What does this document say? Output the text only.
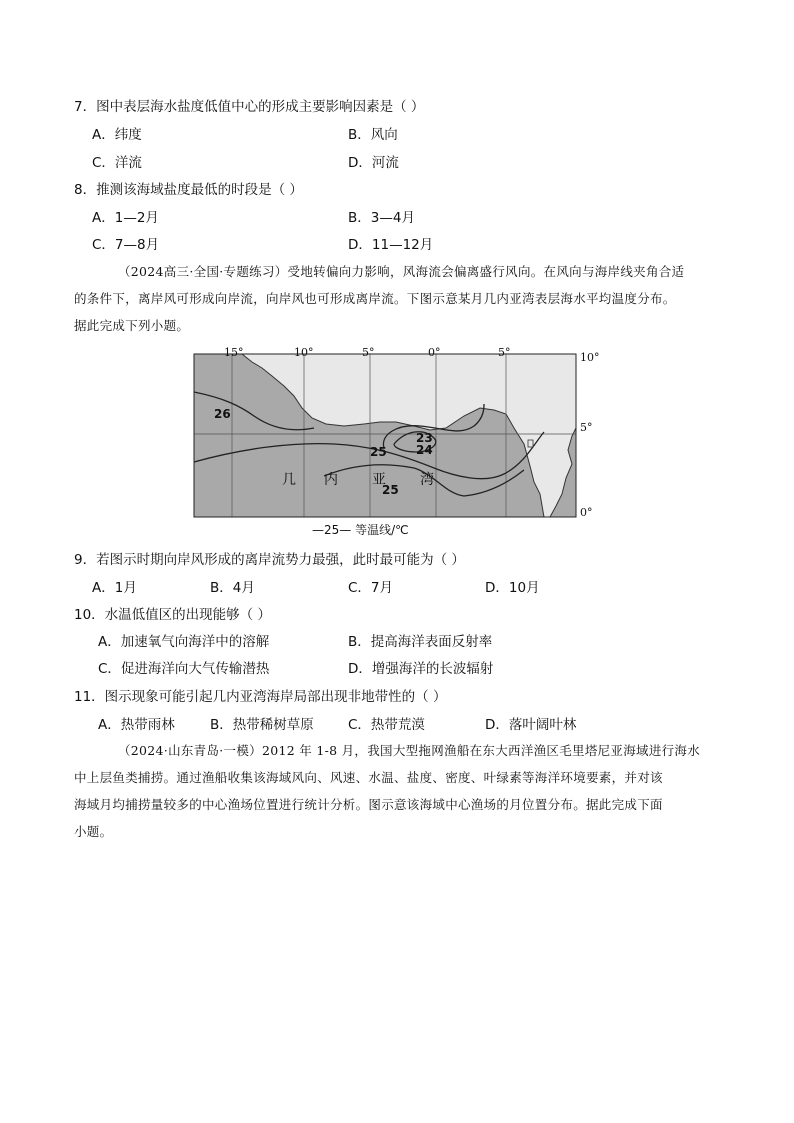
7．图中表层海水盐度低值中心的形成主要影响因素是（ ）
A．纬度	B．风向
C．洋流	D．河流
8．推测该海域盐度最低的时段是（ ）
A．1—2月	B．3—4月
C．7—8月	D．11—12月
（2024高三·全国·专题练习）受地转偏向力影响，风海流会偏离盛行风向。在风向与海岸线夹角合适
的条件下，离岸风可形成向岸流，向岸风也可形成离岸流。下图示意某月几内亚湾表层海水平均温度分布。
据此完成下列小题。
15°	10°	5°	0°	5°	10°
5°
0°
26
25
25
23
24
几 内 亚 湾
—25— 等温线/℃
9．若图示时期向岸风形成的离岸流势力最强，此时最可能为（ ）
A．1月	B．4月	C．7月	D．10月
10．水温低值区的出现能够（ ）
A．加速氧气向海洋中的溶解	B．提高海洋表面反射率
C．促进海洋向大气传输潜热	D．增强海洋的长波辐射
11．图示现象可能引起几内亚湾海岸局部出现非地带性的（ ）
A．热带雨林	B．热带稀树草原	C．热带荒漠	D．落叶阔叶林
（2024·山东青岛·一模）2012 年 1-8 月，我国大型拖网渔船在东大西洋渔区毛里塔尼亚海域进行海水
中上层鱼类捕捞。通过渔船收集该海域风向、风速、水温、盐度、密度、叶绿素等海洋环境要素，并对该
海域月均捕捞量较多的中心渔场位置进行统计分析。图示意该海域中心渔场的月位置分布。据此完成下面
小题。
